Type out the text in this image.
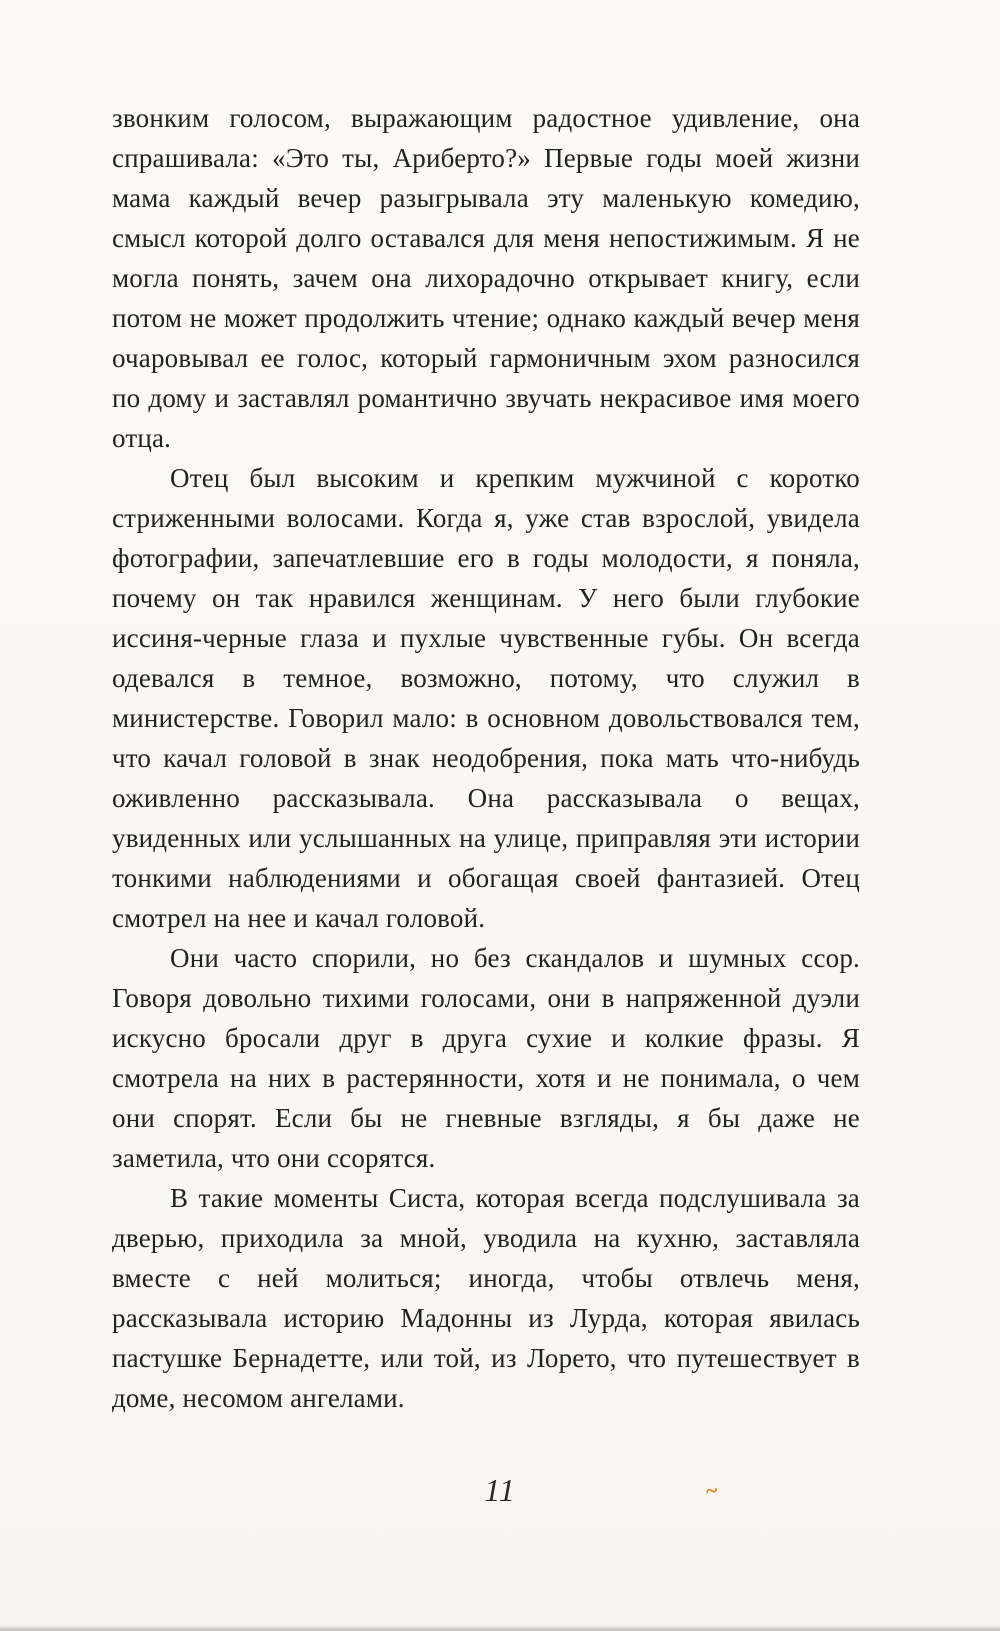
звонким голосом, выражающим радостное удивление, она спрашивала: «Это ты, Ариберто?» Первые годы моей жизни мама каждый вечер разыгрывала эту маленькую комедию, смысл которой долго оставался для меня непостижимым. Я не могла понять, зачем она лихорадочно открывает книгу, если потом не может продолжить чтение; однако каждый вечер меня очаровывал ее голос, который гармоничным эхом разносился по дому и заставлял романтично звучать некрасивое имя моего отца.

Отец был высоким и крепким мужчиной с коротко стриженными волосами. Когда я, уже став взрослой, увидела фотографии, запечатлевшие его в годы молодости, я поняла, почему он так нравился женщинам. У него были глубокие иссиня-черные глаза и пухлые чувственные губы. Он всегда одевался в темное, возможно, потому, что служил в министерстве. Говорил мало: в основном довольствовался тем, что качал головой в знак неодобрения, пока мать что-нибудь оживленно рассказывала. Она рассказывала о вещах, увиденных или услышанных на улице, приправляя эти истории тонкими наблюдениями и обогащая своей фантазией. Отец смотрел на нее и качал головой.

Они часто спорили, но без скандалов и шумных ссор. Говоря довольно тихими голосами, они в напряженной дуэли искусно бросали друг в друга сухие и колкие фразы. Я смотрела на них в растерянности, хотя и не понимала, о чем они спорят. Если бы не гневные взгляды, я бы даже не заметила, что они ссорятся.

В такие моменты Систа, которая всегда подслушивала за дверью, приходила за мной, уводила на кухню, заставляла вместе с ней молиться; иногда, чтобы отвлечь меня, рассказывала историю Мадонны из Лурда, которая явилась пастушке Бернадетте, или той, из Лорето, что путешествует в доме, несомом ангелами.

~
11
